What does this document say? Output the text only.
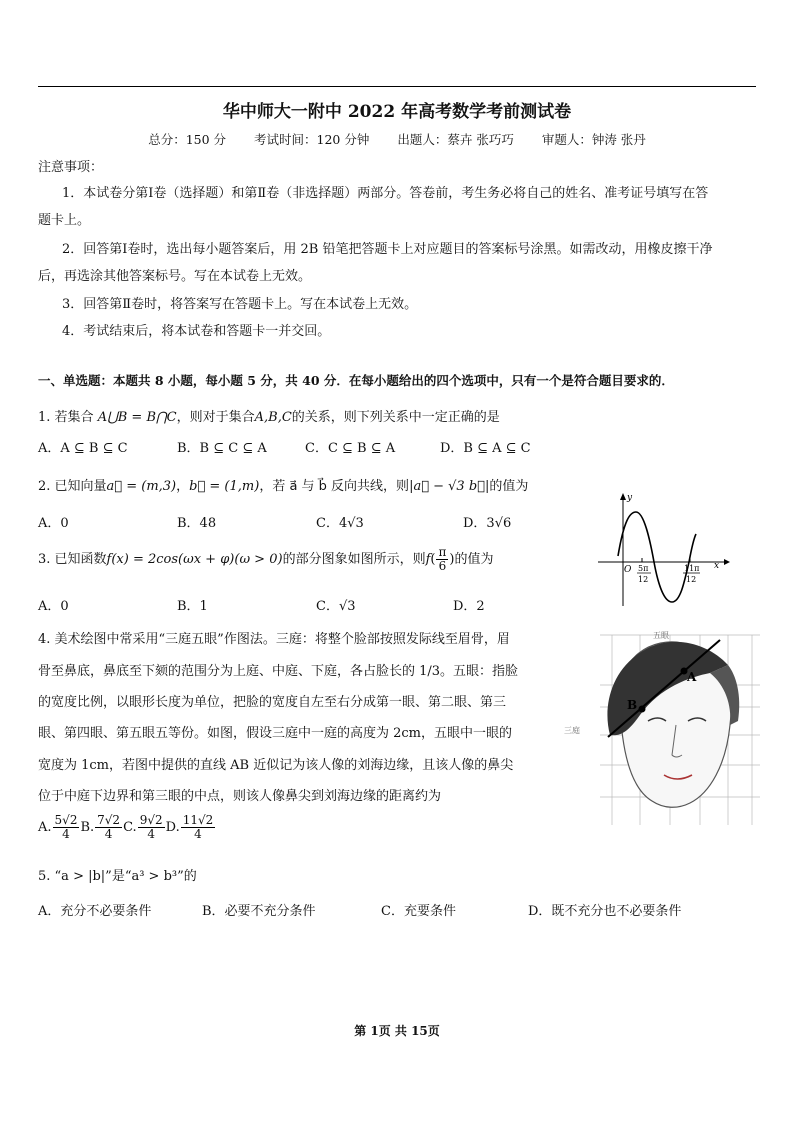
华中师大一附中 2022 年高考数学考前测试卷
总分：150 分 考试时间：120 分钟 出题人：蔡卉 张巧巧 审题人：钟涛 张丹
注意事项：
1．本试卷分第Ⅰ卷（选择题）和第Ⅱ卷（非选择题）两部分。答卷前，考生务必将自己的姓名、准考证号填写在答
题卡上。
2．回答第Ⅰ卷时，选出每小题答案后，用 2B 铅笔把答题卡上对应题目的答案标号涂黑。如需改动，用橡皮擦干净
后，再选涂其他答案标号。写在本试卷上无效。
3．回答第Ⅱ卷时，将答案写在答题卡上。写在本试卷上无效。
4．考试结束后，将本试卷和答题卡一并交回。
一、单选题：本题共 8 小题，每小题 5 分，共 40 分．在每小题给出的四个选项中，只有一个是符合题目要求的．
1. 若集合 A⋃B = B⋂C，则对于集合A,B,C的关系，则下列关系中一定正确的是
A．A ⊆ B ⊆ C	B．B ⊆ C ⊆ A	C．C ⊆ B ⊆ A	D．B ⊆ A ⊆ C
2. 已知向量a⃗ = (m,3)，b⃗ = (1,m)，若 a⃗ 与 b⃗ 反向共线，则|a⃗ − √3 b⃗|的值为
A．0	B．48	C．4√3	D．3√6
3. 已知函数f(x) = 2cos(ωx + φ)(ω > 0)的部分图象如图所示，则$f( \frac{\pi}{6}$ )的值为
A．0	B．1	C．√3	D．2
y
x
O 5π
12
11π
12
4. 美术绘图中常采用“三庭五眼”作图法。三庭：将整个脸部按照发际线至眉骨，眉
骨至鼻底，鼻底至下颏的范围分为上庭、中庭、下庭，各占脸长的 1/3。五眼：指脸
的宽度比例，以眼形长度为单位，把脸的宽度自左至右分成第一眼、第二眼、第三
眼、第四眼、第五眼五等份。如图，假设三庭中一庭的高度为 2cm，五眼中一眼的
宽度为 1cm，若图中提供的直线 AB 近似记为该人像的刘海边缘，且该人像的鼻尖
位于中庭下边界和第三眼的中点，则该人像鼻尖到刘海边缘的距离约为
A. $\frac{5√2}{4} B$. $\frac{7√2}{4} C$. $\frac{9√2}{4} D$. $\frac{11√2}{4}$
五眼
三庭
A
B
5. “a > |b|”是“a³ > b³”的
A．充分不必要条件	B．必要不充分条件	C．充要条件	D．既不充分也不必要条件
第 1页 共 15页
